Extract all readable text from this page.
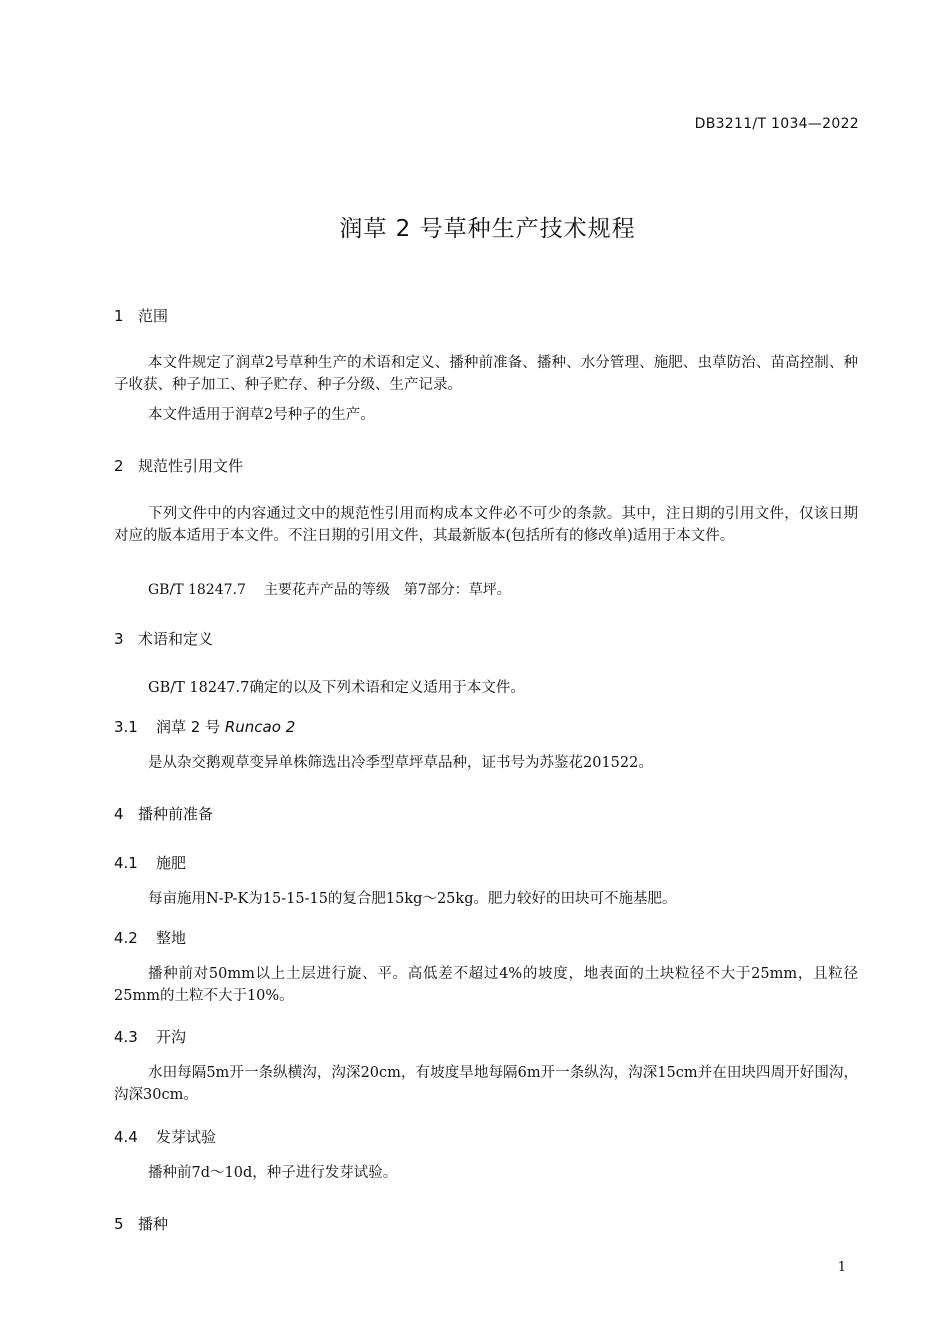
DB3211/T 1034—2022
润草 2 号草种生产技术规程
1 范围

本文件规定了润草2号草种生产的术语和定义、播种前准备、播种、水分管理、施肥、虫草防治、苗高控制、种子收获、种子加工、种子贮存、种子分级、生产记录。

本文件适用于润草2号种子的生产。

2 规范性引用文件

下列文件中的内容通过文中的规范性引用而构成本文件必不可少的条款。其中，注日期的引用文件，仅该日期对应的版本适用于本文件。不注日期的引用文件，其最新版本(包括所有的修改单)适用于本文件。

GB/T 18247.7 主要花卉产品的等级 第7部分：草坪。
3 术语和定义

GB/T 18247.7确定的以及下列术语和定义适用于本文件。

3.1 润草 2 号 Runcao 2

是从杂交鹅观草变异单株筛选出冷季型草坪草品种，证书号为苏鉴花201522。

4 播种前准备
4.1 施肥

每亩施用N-P-K为15-15-15的复合肥15kg～25kg。肥力较好的田块可不施基肥。

4.2 整地

播种前对50mm以上土层进行旋、平。高低差不超过4%的坡度，地表面的土块粒径不大于25mm，且粒径25mm的土粒不大于10%。

4.3 开沟

水田每隔5m开一条纵横沟，沟深20cm，有坡度旱地每隔6m开一条纵沟，沟深15cm并在田块四周开好围沟，沟深30cm。

4.4 发芽试验

播种前7d～10d，种子进行发芽试验。

5 播种
1
